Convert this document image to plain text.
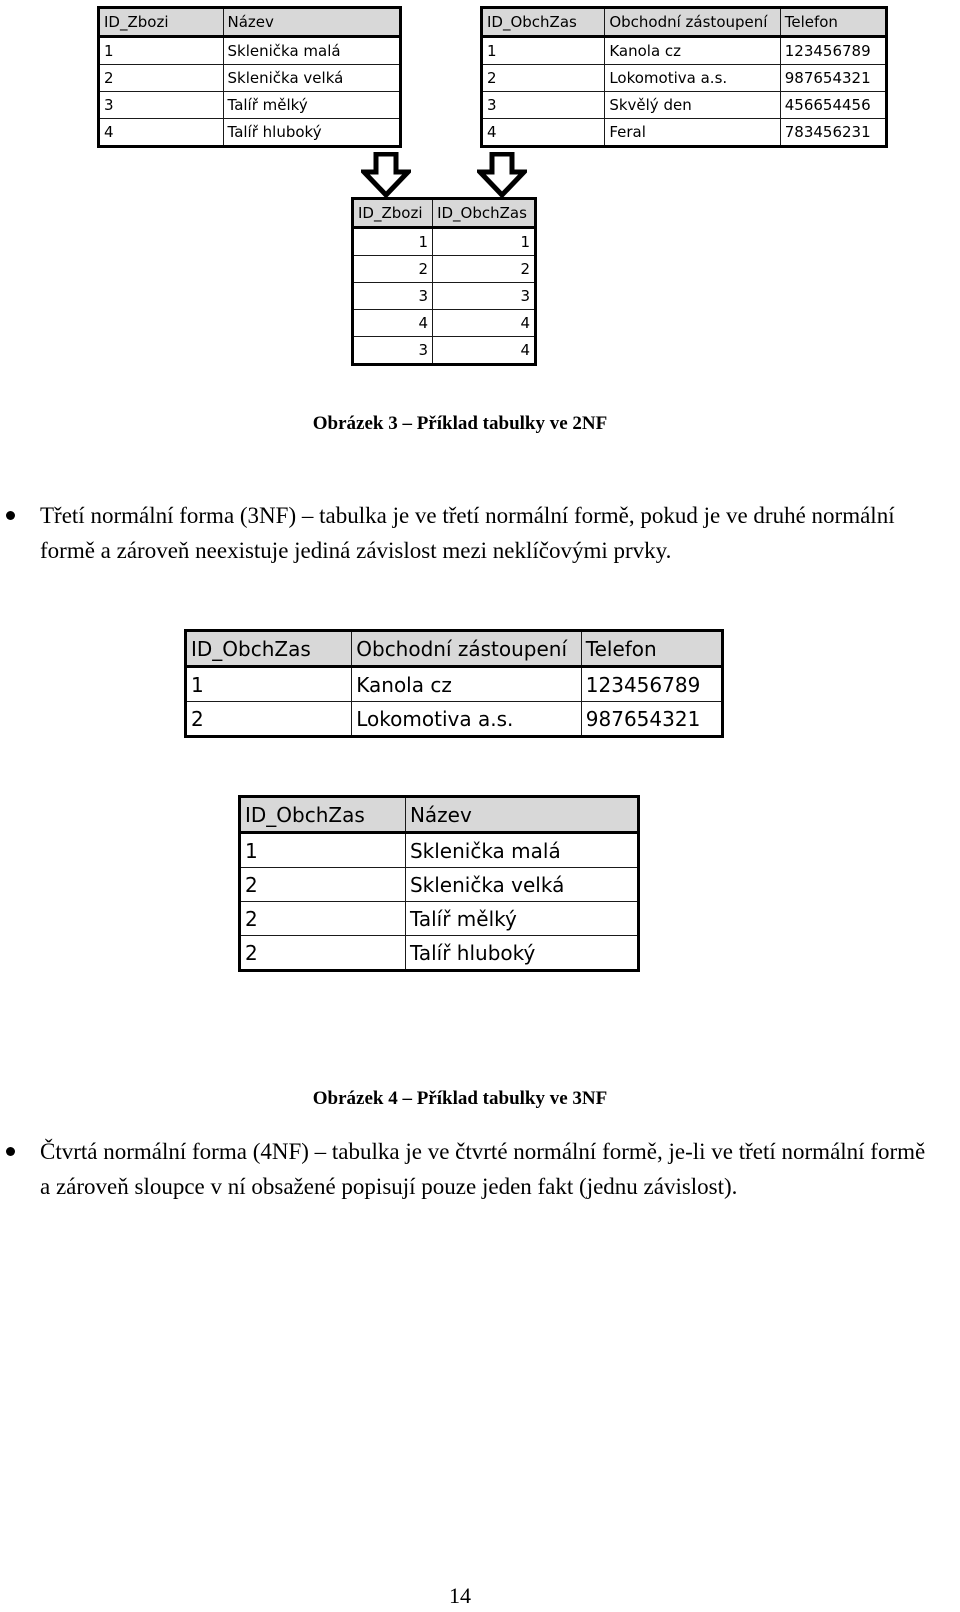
ID_Zbozi	Název
1	Sklenička malá
2	Sklenička velká
3	Talíř mělký
4	Talíř hluboký
ID_ObchZas	Obchodní zástoupení	Telefon
1	Kanola cz	123456789
2	Lokomotiva a.s.	987654321
3	Skvělý den	456654456
4	Feral	783456231
ID_Zbozi	ID_ObchZas
1	1
2	2
3	3
4	4
3	4
Obrázek 3 – Příklad tabulky ve 2NF
Třetí normální forma (3NF) – tabulka je ve třetí normální formě, pokud je ve druhé normální formě a zároveň neexistuje jediná závislost mezi neklíčovými prvky.
ID_ObchZas	Obchodní zástoupení	Telefon
1	Kanola cz	123456789
2	Lokomotiva a.s.	987654321
ID_ObchZas	Název
1	Sklenička malá
2	Sklenička velká
2	Talíř mělký
2	Talíř hluboký
Obrázek 4 – Příklad tabulky ve 3NF
Čtvrtá normální forma (4NF) – tabulka je ve čtvrté normální formě, je-li ve třetí normální formě a zároveň sloupce v ní obsažené popisují pouze jeden fakt (jednu závislost).
14
